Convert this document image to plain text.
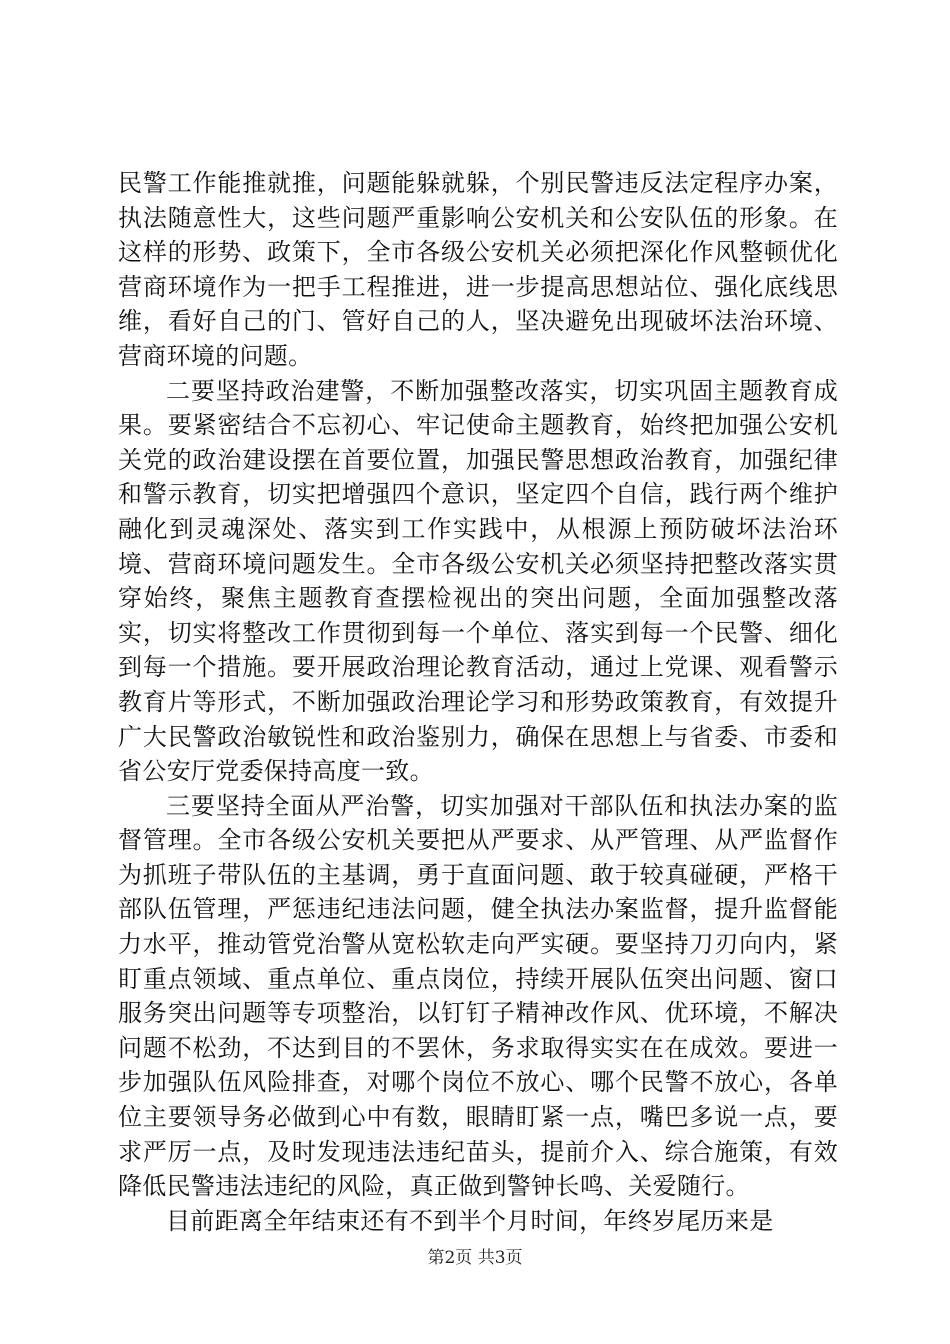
民警工作能推就推，问题能躲就躲，个别民警违反法定程序办案，执法随意性大，这些问题严重影响公安机关和公安队伍的形象。在这样的形势、政策下，全市各级公安机关必须把深化作风整顿优化营商环境作为一把手工程推进，进一步提高思想站位、强化底线思维，看好自己的门、管好自己的人，坚决避免出现破坏法治环境、营商环境的问题。

二要坚持政治建警，不断加强整改落实，切实巩固主题教育成果。要紧密结合不忘初心、牢记使命主题教育，始终把加强公安机关党的政治建设摆在首要位置，加强民警思想政治教育，加强纪律和警示教育，切实把增强四个意识，坚定四个自信，践行两个维护融化到灵魂深处、落实到工作实践中，从根源上预防破坏法治环境、营商环境问题发生。全市各级公安机关必须坚持把整改落实贯穿始终，聚焦主题教育查摆检视出的突出问题，全面加强整改落实，切实将整改工作贯彻到每一个单位、落实到每一个民警、细化到每一个措施。要开展政治理论教育活动，通过上党课、观看警示教育片等形式，不断加强政治理论学习和形势政策教育，有效提升广大民警政治敏锐性和政治鉴别力，确保在思想上与省委、市委和省公安厅党委保持高度一致。

三要坚持全面从严治警，切实加强对干部队伍和执法办案的监督管理。全市各级公安机关要把从严要求、从严管理、从严监督作为抓班子带队伍的主基调，勇于直面问题、敢于较真碰硬，严格干部队伍管理，严惩违纪违法问题，健全执法办案监督，提升监督能力水平，推动管党治警从宽松软走向严实硬。要坚持刀刃向内，紧盯重点领域、重点单位、重点岗位，持续开展队伍突出问题、窗口服务突出问题等专项整治，以钉钉子精神改作风、优环境，不解决问题不松劲，不达到目的不罢休，务求取得实实在在成效。要进一步加强队伍风险排查，对哪个岗位不放心、哪个民警不放心，各单位主要领导务必做到心中有数，眼睛盯紧一点，嘴巴多说一点，要求严厉一点，及时发现违法违纪苗头，提前介入、综合施策，有效降低民警违法违纪的风险，真正做到警钟长鸣、关爱随行。

目前距离全年结束还有不到半个月时间，年终岁尾历来是

第2页 共3页
